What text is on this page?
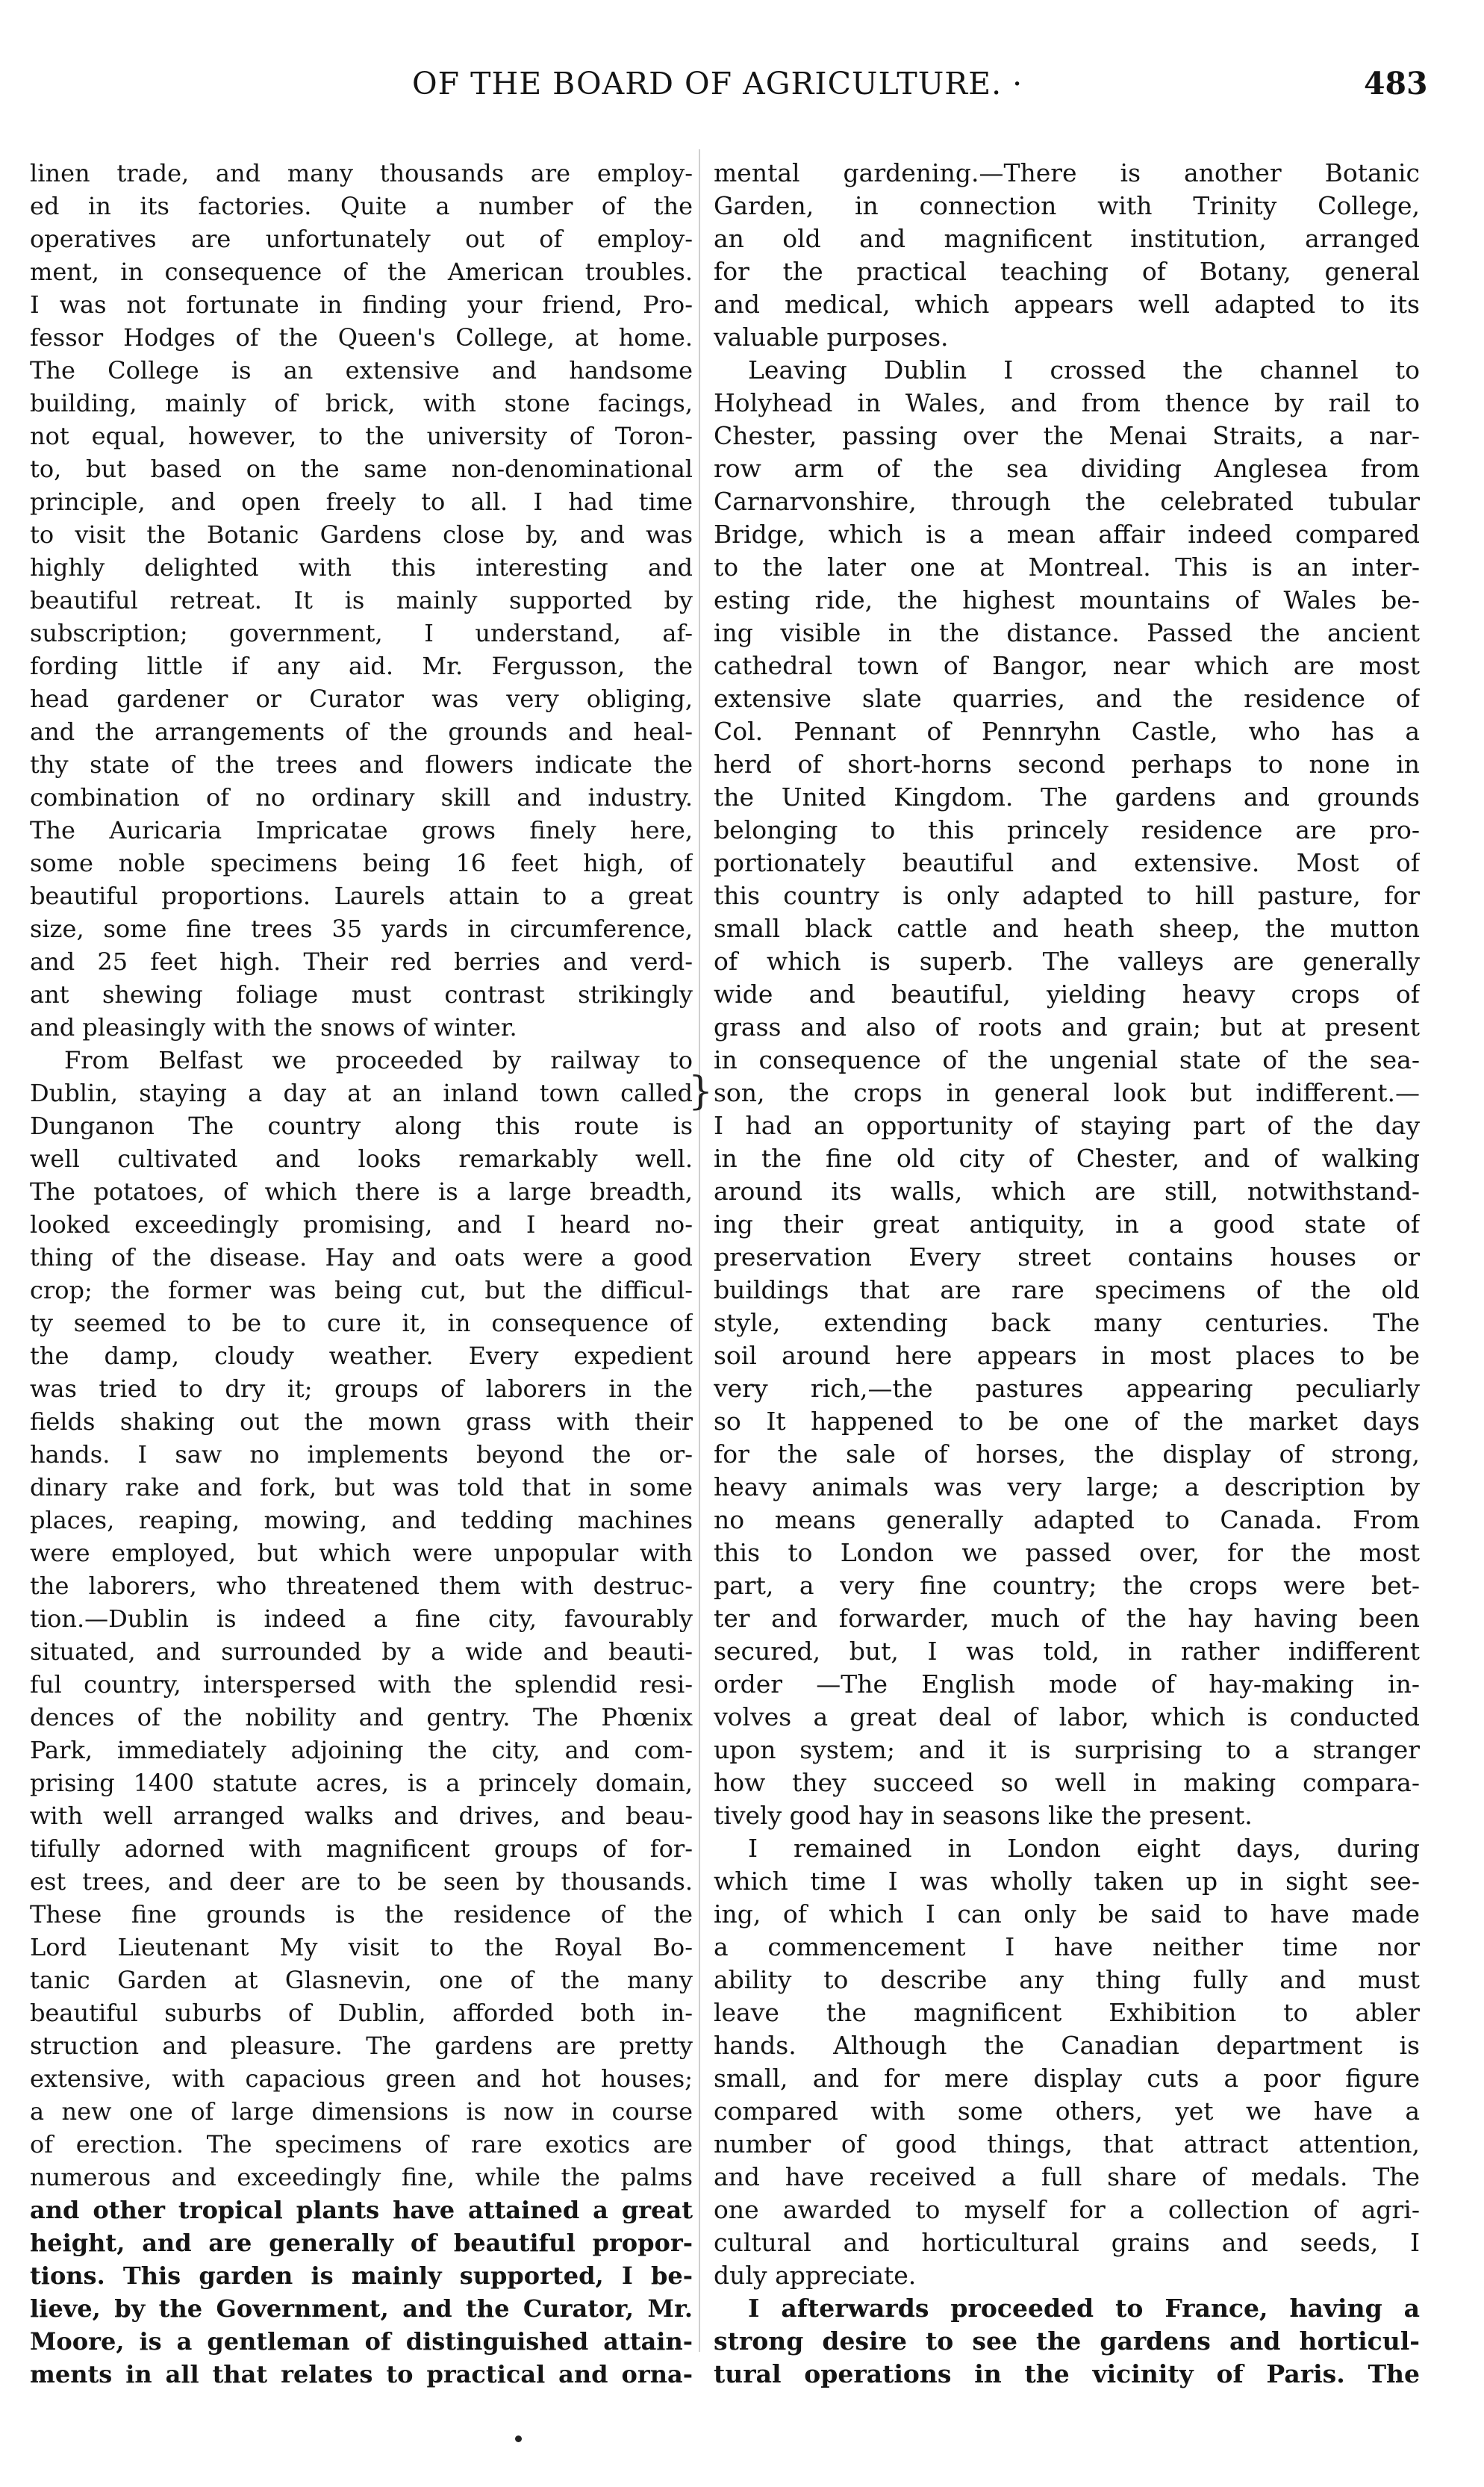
OF THE BOARD OF AGRICULTURE. ·	483
}
linen trade, and many thousands are employ-
ed in its factories. Quite a number of the
operatives are unfortunately out of employ-
ment, in consequence of the American troubles.
I was not fortunate in finding your friend, Pro-
fessor Hodges of the Queen's College, at home.
The College is an extensive and handsome
building, mainly of brick, with stone facings,
not equal, however, to the university of Toron-
to, but based on the same non-denominational
principle, and open freely to all. I had time
to visit the Botanic Gardens close by, and was
highly delighted with this interesting and
beautiful retreat. It is mainly supported by
subscription; government, I understand, af-
fording little if any aid. Mr. Fergusson, the
head gardener or Curator was very obliging,
and the arrangements of the grounds and heal-
thy state of the trees and flowers indicate the
combination of no ordinary skill and industry.
The Auricaria Impricatae grows finely here,
some noble specimens being 16 feet high, of
beautiful proportions. Laurels attain to a great
size, some fine trees 35 yards in circumference,
and 25 feet high. Their red berries and verd-
ant shewing foliage must contrast strikingly
and pleasingly with the snows of winter.
From Belfast we proceeded by railway to
Dublin, staying a day at an inland town called
Dunganon The country along this route is
well cultivated and looks remarkably well.
The potatoes, of which there is a large breadth,
looked exceedingly promising, and I heard no-
thing of the disease. Hay and oats were a good
crop; the former was being cut, but the difficul-
ty seemed to be to cure it, in consequence of
the damp, cloudy weather. Every expedient
was tried to dry it; groups of laborers in the
fields shaking out the mown grass with their
hands. I saw no implements beyond the or-
dinary rake and fork, but was told that in some
places, reaping, mowing, and tedding machines
were employed, but which were unpopular with
the laborers, who threatened them with destruc-
tion.—Dublin is indeed a fine city, favourably
situated, and surrounded by a wide and beauti-
ful country, interspersed with the splendid resi-
dences of the nobility and gentry. The Phœnix
Park, immediately adjoining the city, and com-
prising 1400 statute acres, is a princely domain,
with well arranged walks and drives, and beau-
tifully adorned with magnificent groups of for-
est trees, and deer are to be seen by thousands.
These fine grounds is the residence of the
Lord Lieutenant My visit to the Royal Bo-
tanic Garden at Glasnevin, one of the many
beautiful suburbs of Dublin, afforded both in-
struction and pleasure. The gardens are pretty
extensive, with capacious green and hot houses;
a new one of large dimensions is now in course
of erection. The specimens of rare exotics are
numerous and exceedingly fine, while the palms
and other tropical plants have attained a great
height, and are generally of beautiful propor-
tions. This garden is mainly supported, I be-
lieve, by the Government, and the Curator, Mr.
Moore, is a gentleman of distinguished attain-
ments in all that relates to practical and orna-
mental gardening.—There is another Botanic
Garden, in connection with Trinity College,
an old and magnificent institution, arranged
for the practical teaching of Botany, general
and medical, which appears well adapted to its
valuable purposes.
Leaving Dublin I crossed the channel to
Holyhead in Wales, and from thence by rail to
Chester, passing over the Menai Straits, a nar-
row arm of the sea dividing Anglesea from
Carnarvonshire, through the celebrated tubular
Bridge, which is a mean affair indeed compared
to the later one at Montreal. This is an inter-
esting ride, the highest mountains of Wales be-
ing visible in the distance. Passed the ancient
cathedral town of Bangor, near which are most
extensive slate quarries, and the residence of
Col. Pennant of Pennryhn Castle, who has a
herd of short-horns second perhaps to none in
the United Kingdom. The gardens and grounds
belonging to this princely residence are pro-
portionately beautiful and extensive. Most of
this country is only adapted to hill pasture, for
small black cattle and heath sheep, the mutton
of which is superb. The valleys are generally
wide and beautiful, yielding heavy crops of
grass and also of roots and grain; but at present
in consequence of the ungenial state of the sea-
son, the crops in general look but indifferent.—
I had an opportunity of staying part of the day
in the fine old city of Chester, and of walking
around its walls, which are still, notwithstand-
ing their great antiquity, in a good state of
preservation Every street contains houses or
buildings that are rare specimens of the old
style, extending back many centuries. The
soil around here appears in most places to be
very rich,—the pastures appearing peculiarly
so It happened to be one of the market days
for the sale of horses, the display of strong,
heavy animals was very large; a description by
no means generally adapted to Canada. From
this to London we passed over, for the most
part, a very fine country; the crops were bet-
ter and forwarder, much of the hay having been
secured, but, I was told, in rather indifferent
order —The English mode of hay-making in-
volves a great deal of labor, which is conducted
upon system; and it is surprising to a stranger
how they succeed so well in making compara-
tively good hay in seasons like the present.
I remained in London eight days, during
which time I was wholly taken up in sight see-
ing, of which I can only be said to have made
a commencement I have neither time nor
ability to describe any thing fully and must
leave the magnificent Exhibition to abler
hands. Although the Canadian department is
small, and for mere display cuts a poor figure
compared with some others, yet we have a
number of good things, that attract attention,
and have received a full share of medals. The
one awarded to myself for a collection of agri-
cultural and horticultural grains and seeds, I
duly appreciate.
I afterwards proceeded to France, having a
strong desire to see the gardens and horticul-
tural operations in the vicinity of Paris. The
